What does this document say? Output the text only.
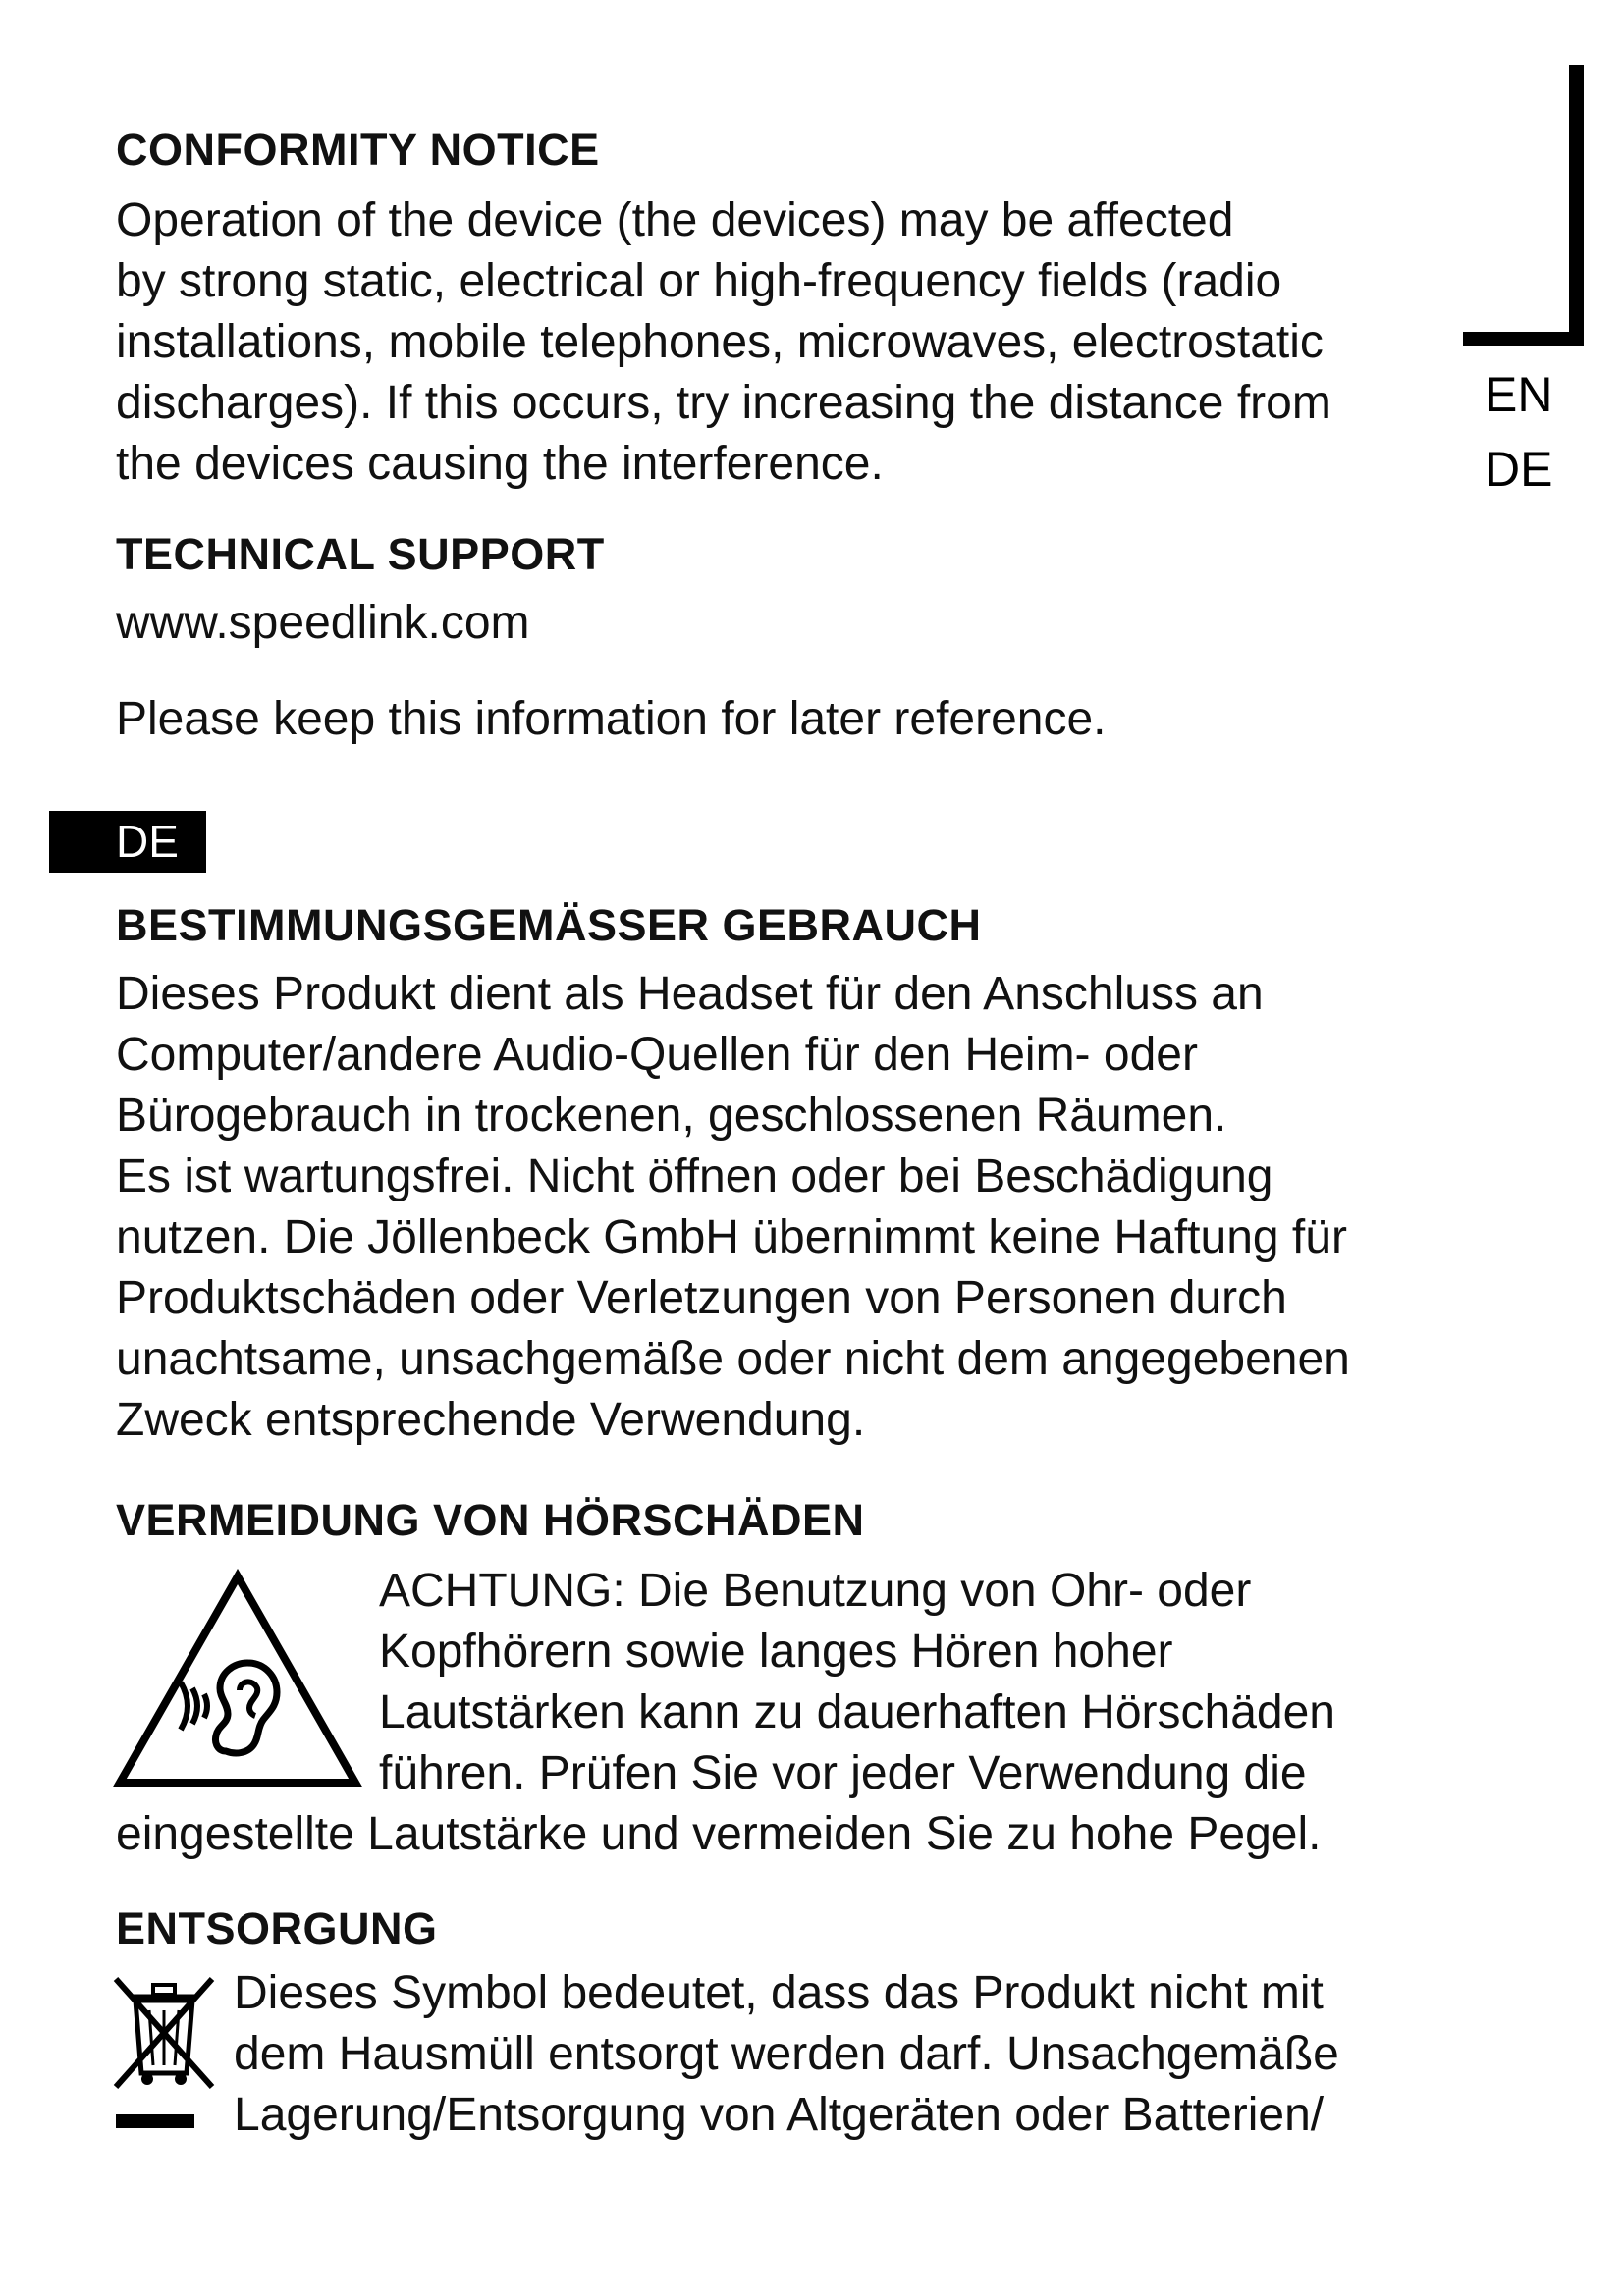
EN
DE
CONFORMITY NOTICE

Operation of the device (the devices) may be affected
by strong static, electrical or high-frequency fields (radio
installations, mobile telephones, microwaves, electrostatic
discharges). If this occurs, try increasing the distance from
the devices causing the interference.

TECHNICAL SUPPORT

www.speedlink.com

Please keep this information for later reference.

DE
BESTIMMUNGSGEMÄSSER GEBRAUCH

Dieses Produkt dient als Headset für den Anschluss an
Computer/andere Audio-Quellen für den Heim- oder
Bürogebrauch in trockenen, geschlossenen Räumen.
Es ist wartungsfrei. Nicht öffnen oder bei Beschädigung
nutzen. Die Jöllenbeck GmbH übernimmt keine Haftung für
Produktschäden oder Verletzungen von Personen durch
unachtsame, unsachgemäße oder nicht dem angegebenen
Zweck entsprechende Verwendung.

VERMEIDUNG VON HÖRSCHÄDEN

ACHTUNG: Die Benutzung von Ohr- oder
Kopfhörern sowie langes Hören hoher
Lautstärken kann zu dauerhaften Hörschäden
führen. Prüfen Sie vor jeder Verwendung die

eingestellte Lautstärke und vermeiden Sie zu hohe Pegel.

ENTSORGUNG

Dieses Symbol bedeutet, dass das Produkt nicht mit
dem Hausmüll entsorgt werden darf. Unsachgemäße
Lagerung/Entsorgung von Altgeräten oder Batterien/
